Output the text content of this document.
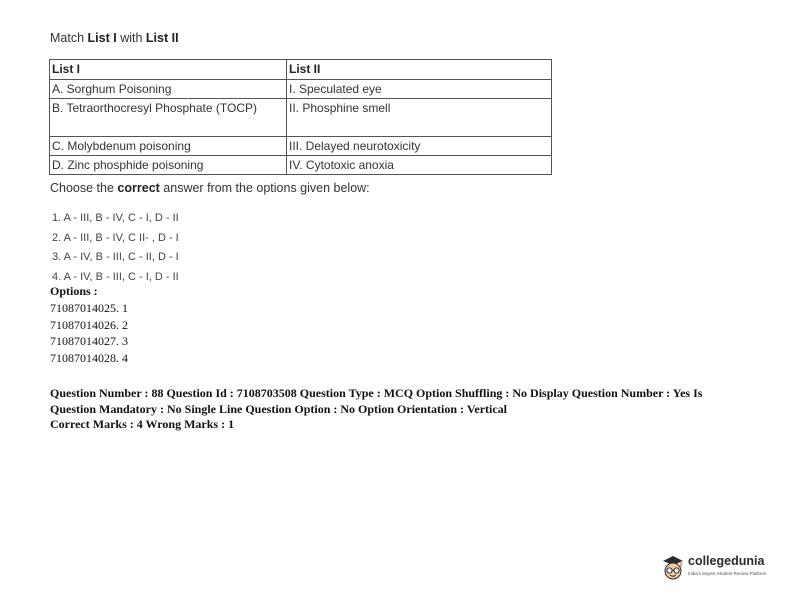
Match List I with List II
List I	List II
A. Sorghum Poisoning	I. Speculated eye
B. Tetraorthocresyl Phosphate (TOCP)	II. Phosphine smell
C. Molybdenum poisoning	III. Delayed neurotoxicity
D. Zinc phosphide poisoning	IV. Cytotoxic anoxia
Choose the correct answer from the options given below:
1. A - III, B - IV, C - I, D - II
2. A - III, B - IV, C II- , D - I
3. A - IV, B - III, C - II, D - I
4. A - IV, B - III, C - I, D - II
Options :
71087014025. 1
71087014026. 2
71087014027. 3
71087014028. 4
Question Number : 88 Question Id : 7108703508 Question Type : MCQ Option Shuffling : No Display Question Number : Yes Is
Question Mandatory : No Single Line Question Option : No Option Orientation : Vertical
Correct Marks : 4 Wrong Marks : 1
collegedunia
India's largest Student Review Platform
